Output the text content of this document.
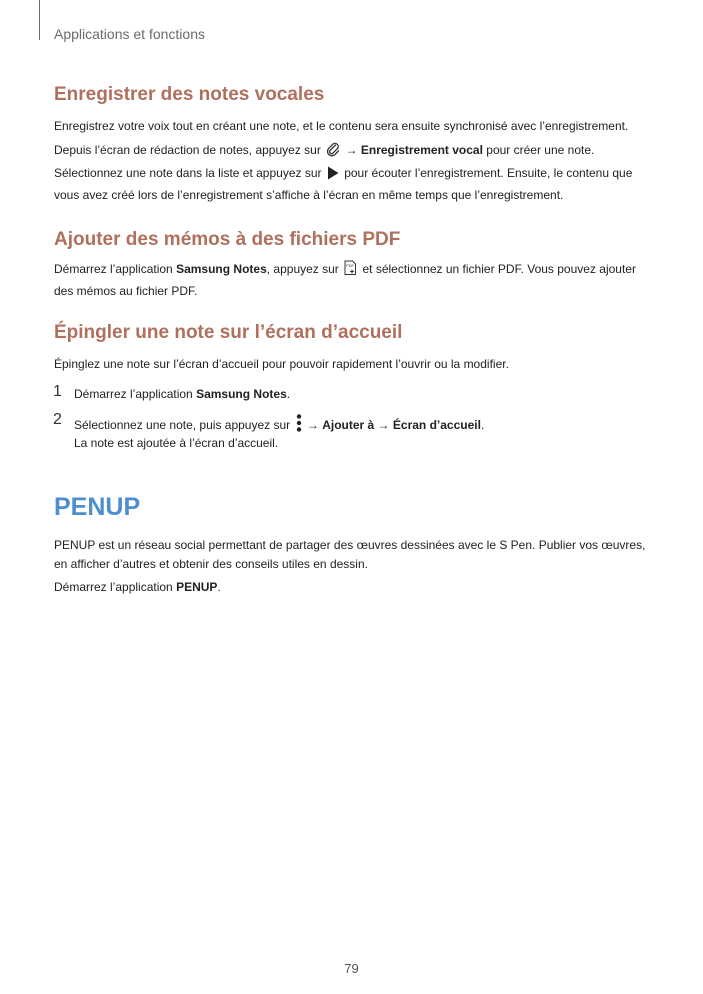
Applications et fonctions
Enregistrer des notes vocales

Enregistrez votre voix tout en créant une note, et le contenu sera ensuite synchronisé avec l’enregistrement.

Depuis l’écran de rédaction de notes, appuyez sur → Enregistrement vocal pour créer une note.

Sélectionnez une note dans la liste et appuyez sur pour écouter l’enregistrement. Ensuite, le contenu que vous avez créé lors de l’enregistrement s’affiche à l’écran en même temps que l’enregistrement.

Ajouter des mémos à des fichiers PDF

Démarrez l’application Samsung Notes, appuyez sur PDF et sélectionnez un fichier PDF. Vous pouvez ajouter des mémos au fichier PDF.

Épingler une note sur l’écran d’accueil

Épinglez une note sur l’écran d’accueil pour pouvoir rapidement l’ouvrir ou la modifier.

1 Démarrez l’application Samsung Notes.

2 Sélectionnez une note, puis appuyez sur → Ajouter à → Écran d’accueil.

La note est ajoutée à l’écran d’accueil.

PENUP

PENUP est un réseau social permettant de partager des œuvres dessinées avec le S Pen. Publier vos œuvres, en afficher d’autres et obtenir des conseils utiles en dessin.

Démarrez l’application PENUP.

79
